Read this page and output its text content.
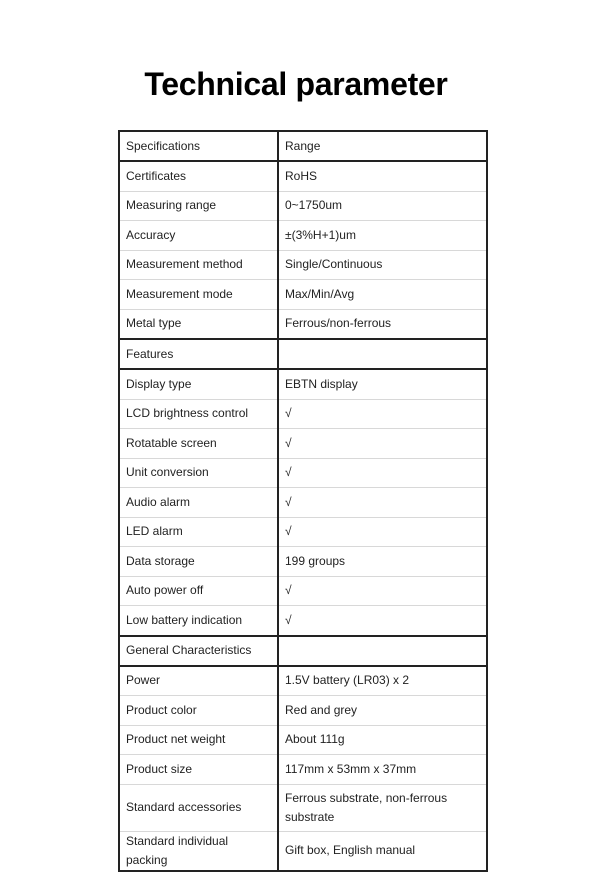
Technical parameter
Specifications	Range
Certificates	RoHS
Measuring range	0~1750um
Accuracy	±(3%H+1)um
Measurement method	Single/Continuous
Measurement mode	Max/Min/Avg
Metal type	Ferrous/non-ferrous
Features	
Display type	EBTN display
LCD brightness control	√
Rotatable screen	√
Unit conversion	√
Audio alarm	√
LED alarm	√
Data storage	199 groups
Auto power off	√
Low battery indication	√
General Characteristics	
Power	1.5V battery (LR03) x 2
Product color	Red and grey
Product net weight	About 111g
Product size	117mm x 53mm x 37mm
Standard accessories	Ferrous substrate, non-ferrous substrate
Standard individual packing	Gift box, English manual
